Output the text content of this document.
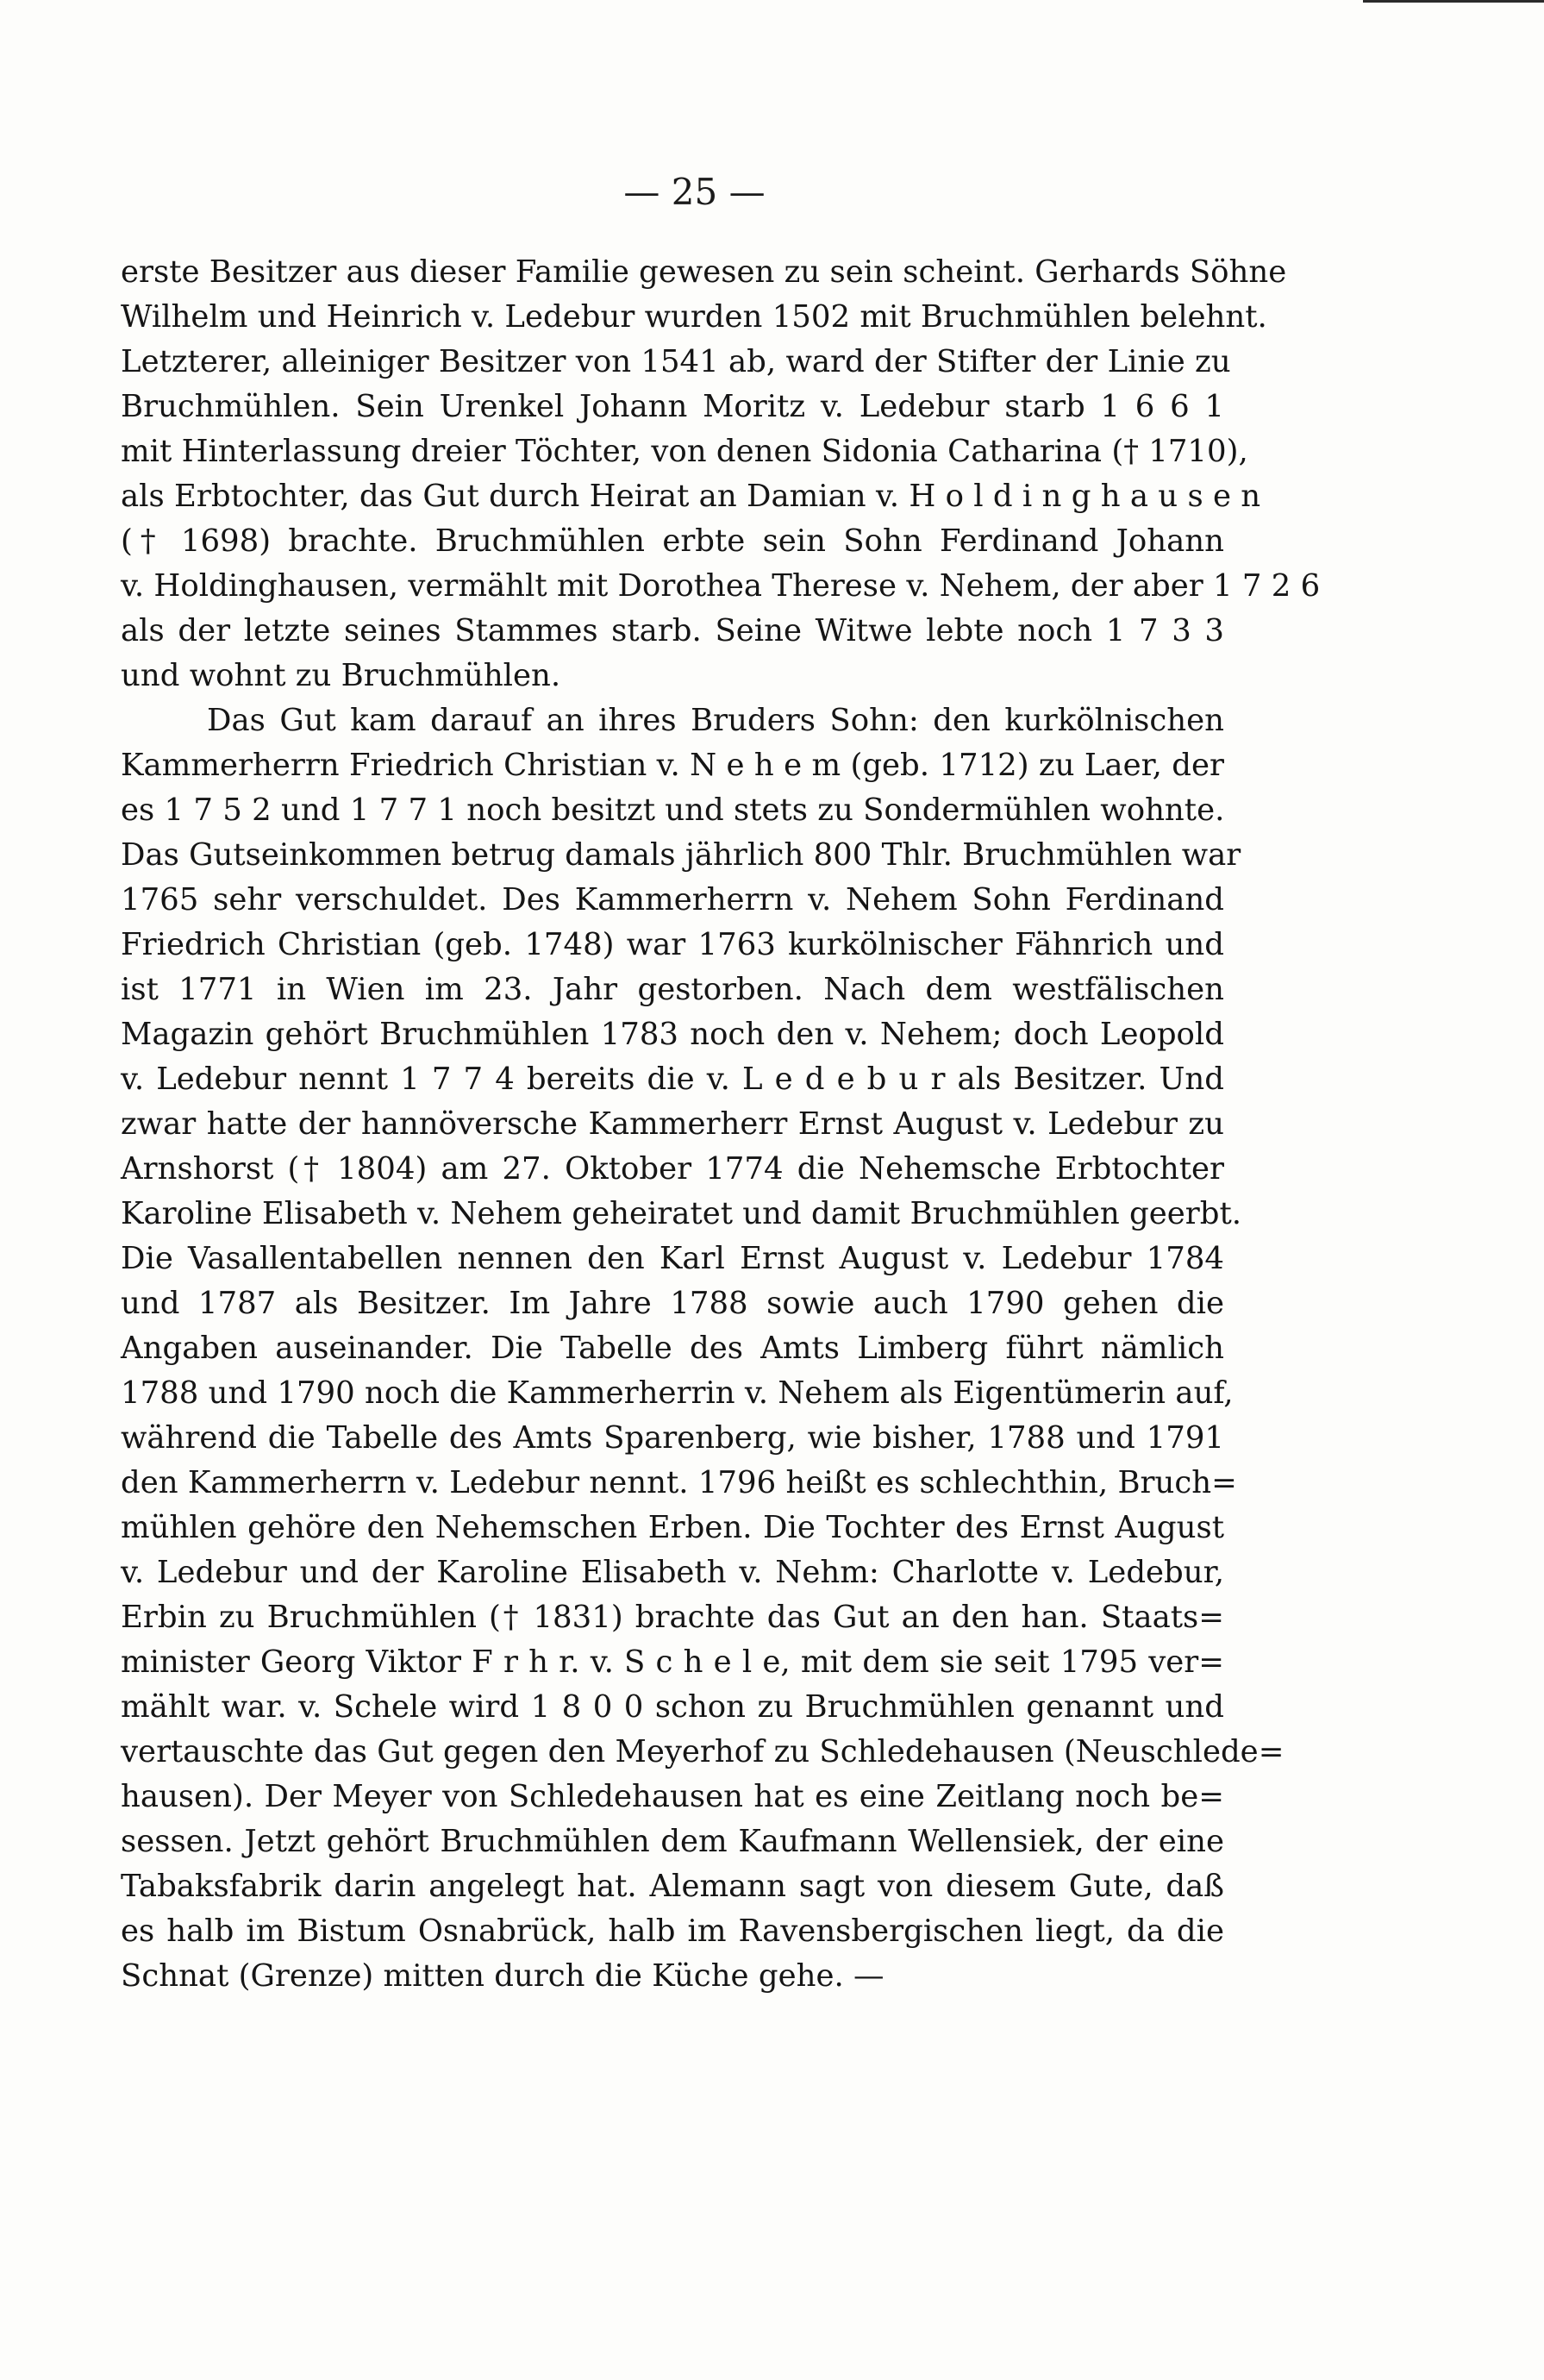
— 25 —
erste Besitzer aus dieser Familie gewesen zu sein scheint. Gerhards Söhne
Wilhelm und Heinrich v. Ledebur wurden 1502 mit Bruchmühlen belehnt.
Letzterer, alleiniger Besitzer von 1541 ab, ward der Stifter der Linie zu
Bruchmühlen. Sein Urenkel Johann Moritz v. Ledebur starb 1 6 6 1
mit Hinterlassung dreier Töchter, von denen Sidonia Catharina († 1710),
als Erbtochter, das Gut durch Heirat an Damian v. H o l d i n g h a u s e n
(† 1698) brachte. Bruchmühlen erbte sein Sohn Ferdinand Johann
v. Holdinghausen, vermählt mit Dorothea Therese v. Nehem, der aber 1 7 2 6
als der letzte seines Stammes starb. Seine Witwe lebte noch 1 7 3 3
und wohnt zu Bruchmühlen.
Das Gut kam darauf an ihres Bruders Sohn: den kurkölnischen
Kammerherrn Friedrich Christian v. N e h e m (geb. 1712) zu Laer, der
es 1 7 5 2 und 1 7 7 1 noch besitzt und stets zu Sondermühlen wohnte.
Das Gutseinkommen betrug damals jährlich 800 Thlr. Bruchmühlen war
1765 sehr verschuldet. Des Kammerherrn v. Nehem Sohn Ferdinand
Friedrich Christian (geb. 1748) war 1763 kurkölnischer Fähnrich und
ist 1771 in Wien im 23. Jahr gestorben. Nach dem westfälischen
Magazin gehört Bruchmühlen 1783 noch den v. Nehem; doch Leopold
v. Ledebur nennt 1 7 7 4 bereits die v. L e d e b u r als Besitzer. Und
zwar hatte der hannöversche Kammerherr Ernst August v. Ledebur zu
Arnshorst († 1804) am 27. Oktober 1774 die Nehemsche Erbtochter
Karoline Elisabeth v. Nehem geheiratet und damit Bruchmühlen geerbt.
Die Vasallentabellen nennen den Karl Ernst August v. Ledebur 1784
und 1787 als Besitzer. Im Jahre 1788 sowie auch 1790 gehen die
Angaben auseinander. Die Tabelle des Amts Limberg führt nämlich
1788 und 1790 noch die Kammerherrin v. Nehem als Eigentümerin auf,
während die Tabelle des Amts Sparenberg, wie bisher, 1788 und 1791
den Kammerherrn v. Ledebur nennt. 1796 heißt es schlechthin, Bruch=
mühlen gehöre den Nehemschen Erben. Die Tochter des Ernst August
v. Ledebur und der Karoline Elisabeth v. Nehm: Charlotte v. Ledebur,
Erbin zu Bruchmühlen († 1831) brachte das Gut an den han. Staats=
minister Georg Viktor F r h r. v. S c h e l e, mit dem sie seit 1795 ver=
mählt war. v. Schele wird 1 8 0 0 schon zu Bruchmühlen genannt und
vertauschte das Gut gegen den Meyerhof zu Schledehausen (Neuschlede=
hausen). Der Meyer von Schledehausen hat es eine Zeitlang noch be=
sessen. Jetzt gehört Bruchmühlen dem Kaufmann Wellensiek, der eine
Tabaksfabrik darin angelegt hat. Alemann sagt von diesem Gute, daß
es halb im Bistum Osnabrück, halb im Ravensbergischen liegt, da die
Schnat (Grenze) mitten durch die Küche gehe. —
